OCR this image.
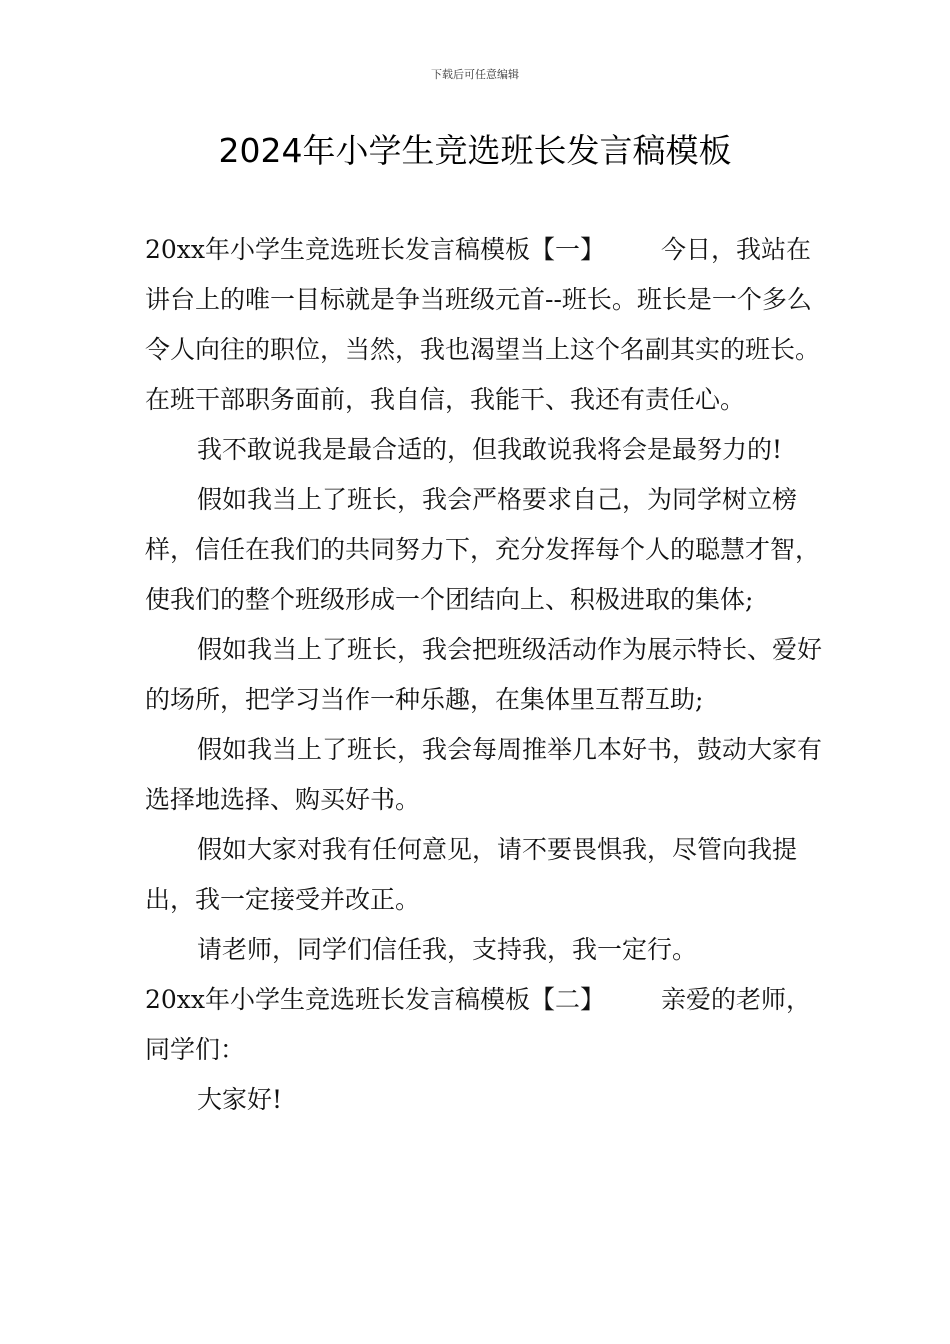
下载后可任意编辑
2024年小学生竞选班长发言稿模板

20xx年小学生竞选班长发言稿模板【一】 今日，我站在讲台上的唯一目标就是争当班级元首--班长。班长是一个多么令人向往的职位，当然，我也渴望当上这个名副其实的班长。在班干部职务面前，我自信，我能干、我还有责任心。

我不敢说我是最合适的，但我敢说我将会是最努力的!

假如我当上了班长，我会严格要求自己，为同学树立榜样，信任在我们的共同努力下，充分发挥每个人的聪慧才智，使我们的整个班级形成一个团结向上、积极进取的集体;

假如我当上了班长，我会把班级活动作为展示特长、爱好的场所，把学习当作一种乐趣，在集体里互帮互助;

假如我当上了班长，我会每周推举几本好书，鼓动大家有选择地选择、购买好书。

假如大家对我有任何意见，请不要畏惧我，尽管向我提出，我一定接受并改正。

请老师，同学们信任我，支持我，我一定行。

20xx年小学生竞选班长发言稿模板【二】 亲爱的老师，同学们：

大家好!
